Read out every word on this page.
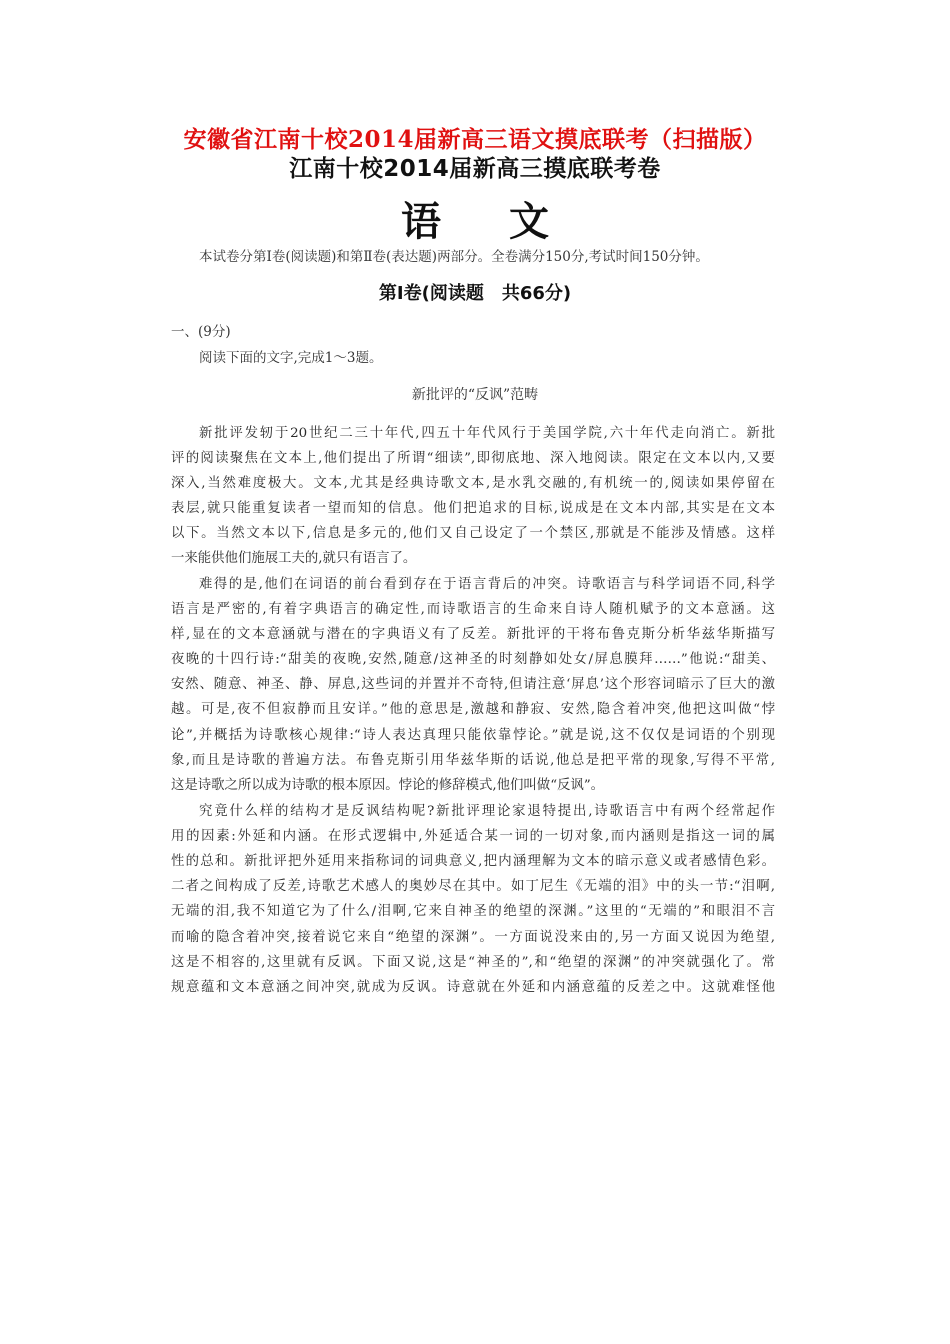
安徽省江南十校2014届新高三语文摸底联考（扫描版）
江南十校2014届新高三摸底联考卷
语文
本试卷分第Ⅰ卷(阅读题)和第Ⅱ卷(表达题)两部分。全卷满分150分,考试时间150分钟。
第Ⅰ卷(阅读题　共66分)
一、(9分)
阅读下面的文字,完成1～3题。
新批评的“反讽”范畴
新批评发轫于20世纪二三十年代,四五十年代风行于美国学院,六十年代走向消亡。新批
评的阅读聚焦在文本上,他们提出了所谓“细读”,即彻底地、深入地阅读。限定在文本以内,又要
深入,当然难度极大。文本,尤其是经典诗歌文本,是水乳交融的,有机统一的,阅读如果停留在
表层,就只能重复读者一望而知的信息。他们把追求的目标,说成是在文本内部,其实是在文本
以下。当然文本以下,信息是多元的,他们又自己设定了一个禁区,那就是不能涉及情感。这样
一来能供他们施展工夫的,就只有语言了。
难得的是,他们在词语的前台看到存在于语言背后的冲突。诗歌语言与科学词语不同,科学
语言是严密的,有着字典语言的确定性,而诗歌语言的生命来自诗人随机赋予的文本意涵。这
样,显在的文本意涵就与潜在的字典语义有了反差。新批评的干将布鲁克斯分析华兹华斯描写
夜晚的十四行诗:“甜美的夜晚,安然,随意/这神圣的时刻静如处女/屏息膜拜……”他说:“甜美、
安然、随意、神圣、静、屏息,这些词的并置并不奇特,但请注意‘屏息’这个形容词暗示了巨大的激
越。可是,夜不但寂静而且安详。”他的意思是,激越和静寂、安然,隐含着冲突,他把这叫做“悖
论”,并概括为诗歌核心规律:“诗人表达真理只能依靠悖论。”就是说,这不仅仅是词语的个别现
象,而且是诗歌的普遍方法。布鲁克斯引用华兹华斯的话说,他总是把平常的现象,写得不平常,
这是诗歌之所以成为诗歌的根本原因。悖论的修辞模式,他们叫做“反讽”。
究竟什么样的结构才是反讽结构呢?新批评理论家退特提出,诗歌语言中有两个经常起作
用的因素:外延和内涵。在形式逻辑中,外延适合某一词的一切对象,而内涵则是指这一词的属
性的总和。新批评把外延用来指称词的词典意义,把内涵理解为文本的暗示意义或者感情色彩。
二者之间构成了反差,诗歌艺术感人的奥妙尽在其中。如丁尼生《无端的泪》中的头一节:“泪啊,
无端的泪,我不知道它为了什么/泪啊,它来自神圣的绝望的深渊。”这里的“无端的”和眼泪不言
而喻的隐含着冲突,接着说它来自“绝望的深渊”。一方面说没来由的,另一方面又说因为绝望,
这是不相容的,这里就有反讽。下面又说,这是“神圣的”,和“绝望的深渊”的冲突就强化了。常
规意蕴和文本意涵之间冲突,就成为反讽。诗意就在外延和内涵意蕴的反差之中。这就难怪他
